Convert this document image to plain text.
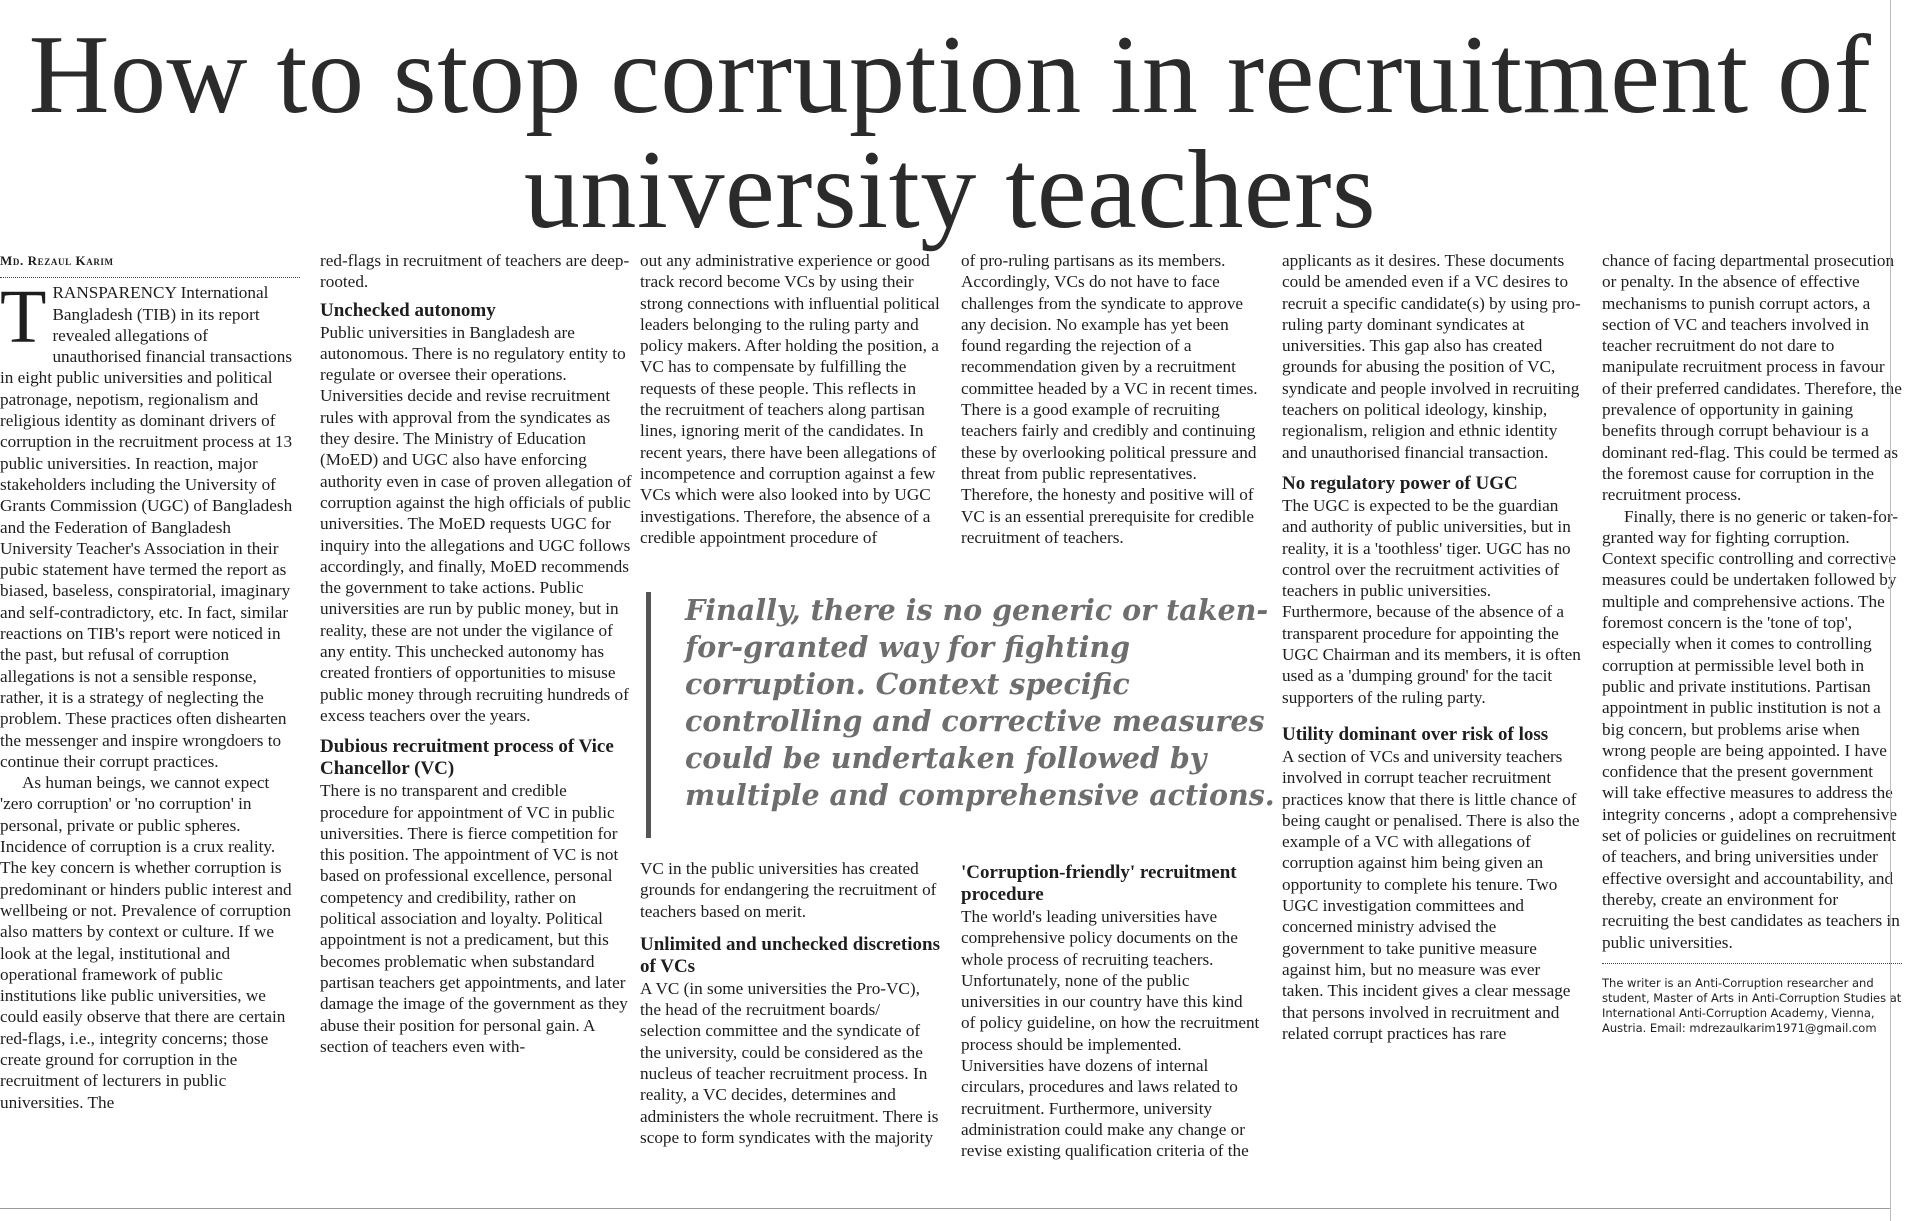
How to stop corruption in recruitment of university teachers
Md. Rezaul Karim

TRANSPARENCY International Bangladesh (TIB) in its report revealed allegations of unauthorised financial transactions in eight public universities and political patronage, nepotism, regionalism and religious identity as dominant drivers of corruption in the recruitment process at 13 public universities. In reaction, major stakeholders including the University of Grants Commission (UGC) of Bangladesh and the Federation of Bangladesh University Teacher's Association in their pubic statement have termed the report as biased, baseless, conspiratorial, imaginary and self-contradictory, etc. In fact, similar reactions on TIB's report were noticed in the past, but refusal of corruption allegations is not a sensible response, rather, it is a strategy of neglecting the problem. These practices often dishearten the messenger and inspire wrongdoers to continue their corrupt practices.

As human beings, we cannot expect 'zero corruption' or 'no corruption' in personal, private or public spheres. Incidence of corruption is a crux reality. The key concern is whether corruption is predominant or hinders public interest and wellbeing or not. Prevalence of corruption also matters by context or culture. If we look at the legal, institutional and operational framework of public institutions like public universities, we could easily observe that there are certain red-flags, i.e., integrity concerns; those create ground for corruption in the recruitment of lecturers in public universities. The

red-flags in recruitment of teachers are deep-rooted.

Unchecked autonomy

Public universities in Bangladesh are autonomous. There is no regulatory entity to regulate or oversee their operations. Universities decide and revise recruitment rules with approval from the syndicates as they desire. The Ministry of Education (MoED) and UGC also have enforcing authority even in case of proven allegation of corruption against the high officials of public universities. The MoED requests UGC for inquiry into the allegations and UGC follows accordingly, and finally, MoED recommends the government to take actions. Public universities are run by public money, but in reality, these are not under the vigilance of any entity. This unchecked autonomy has created frontiers of opportunities to misuse public money through recruiting hundreds of excess teachers over the years.

Dubious recruitment process of Vice Chancellor (VC)

There is no transparent and credible procedure for appointment of VC in public universities. There is fierce competition for this position. The appointment of VC is not based on professional excellence, personal competency and credibility, rather on political association and loyalty. Political appointment is not a predicament, but this becomes problematic when substandard partisan teachers get appointments, and later damage the image of the government as they abuse their position for personal gain. A section of teachers even with-

out any administrative experience or good track record become VCs by using their strong connections with influential political leaders belonging to the ruling party and policy makers. After holding the position, a VC has to compensate by fulfilling the requests of these people. This reflects in the recruitment of teachers along partisan lines, ignoring merit of the candidates. In recent years, there have been allegations of incompetence and corruption against a few VCs which were also looked into by UGC investigations. Therefore, the absence of a credible appointment procedure of

VC in the public universities has created grounds for endangering the recruitment of teachers based on merit.

Unlimited and unchecked discretions of VCs

A VC (in some universities the Pro-VC), the head of the recruitment boards/ selection committee and the syndicate of the university, could be considered as the nucleus of teacher recruitment process. In reality, a VC decides, determines and administers the whole recruitment. There is scope to form syndicates with the majority

of pro-ruling partisans as its members. Accordingly, VCs do not have to face challenges from the syndicate to approve any decision. No example has yet been found regarding the rejection of a recommendation given by a recruitment committee headed by a VC in recent times. There is a good example of recruiting teachers fairly and credibly and continuing these by overlooking political pressure and threat from public representatives. Therefore, the honesty and positive will of VC is an essential prerequisite for credible recruitment of teachers.

'Corruption-friendly' recruitment procedure

The world's leading universities have comprehensive policy documents on the whole process of recruiting teachers. Unfortunately, none of the public universities in our country have this kind of policy guideline, on how the recruitment process should be implemented. Universities have dozens of internal circulars, procedures and laws related to recruitment. Furthermore, university administration could make any change or revise existing qualification criteria of the

Finally, there is no generic or taken-for-granted way for fighting corruption. Context specific controlling and corrective measures could be undertaken followed by multiple and comprehensive actions.

applicants as it desires. These documents could be amended even if a VC desires to recruit a specific candidate(s) by using pro-ruling party dominant syndicates at universities. This gap also has created grounds for abusing the position of VC, syndicate and people involved in recruiting teachers on political ideology, kinship, regionalism, religion and ethnic identity and unauthorised financial transaction.

No regulatory power of UGC

The UGC is expected to be the guardian and authority of public universities, but in reality, it is a 'toothless' tiger. UGC has no control over the recruitment activities of teachers in public universities. Furthermore, because of the absence of a transparent procedure for appointing the UGC Chairman and its members, it is often used as a 'dumping ground' for the tacit supporters of the ruling party.

Utility dominant over risk of loss

A section of VCs and university teachers involved in corrupt teacher recruitment practices know that there is little chance of being caught or penalised. There is also the example of a VC with allegations of corruption against him being given an opportunity to complete his tenure. Two UGC investigation committees and concerned ministry advised the government to take punitive measure against him, but no measure was ever taken. This incident gives a clear message that persons involved in recruitment and related corrupt practices has rare

chance of facing departmental prosecution or penalty. In the absence of effective mechanisms to punish corrupt actors, a section of VC and teachers involved in teacher recruitment do not dare to manipulate recruitment process in favour of their preferred candidates. Therefore, the prevalence of opportunity in gaining benefits through corrupt behaviour is a dominant red-flag. This could be termed as the foremost cause for corruption in the recruitment process.

Finally, there is no generic or taken-for-granted way for fighting corruption. Context specific controlling and corrective measures could be undertaken followed by multiple and comprehensive actions. The foremost concern is the 'tone of top', especially when it comes to controlling corruption at permissible level both in public and private institutions. Partisan appointment in public institution is not a big concern, but problems arise when wrong people are being appointed. I have confidence that the present government will take effective measures to address the integrity concerns , adopt a comprehensive set of policies or guidelines on recruitment of teachers, and bring universities under effective oversight and accountability, and thereby, create an environment for recruiting the best candidates as teachers in public universities.

The writer is an Anti-Corruption researcher and student, Master of Arts in Anti-Corruption Studies at International Anti-Corruption Academy, Vienna, Austria. Email: mdrezaulkarim1971@gmail.com
